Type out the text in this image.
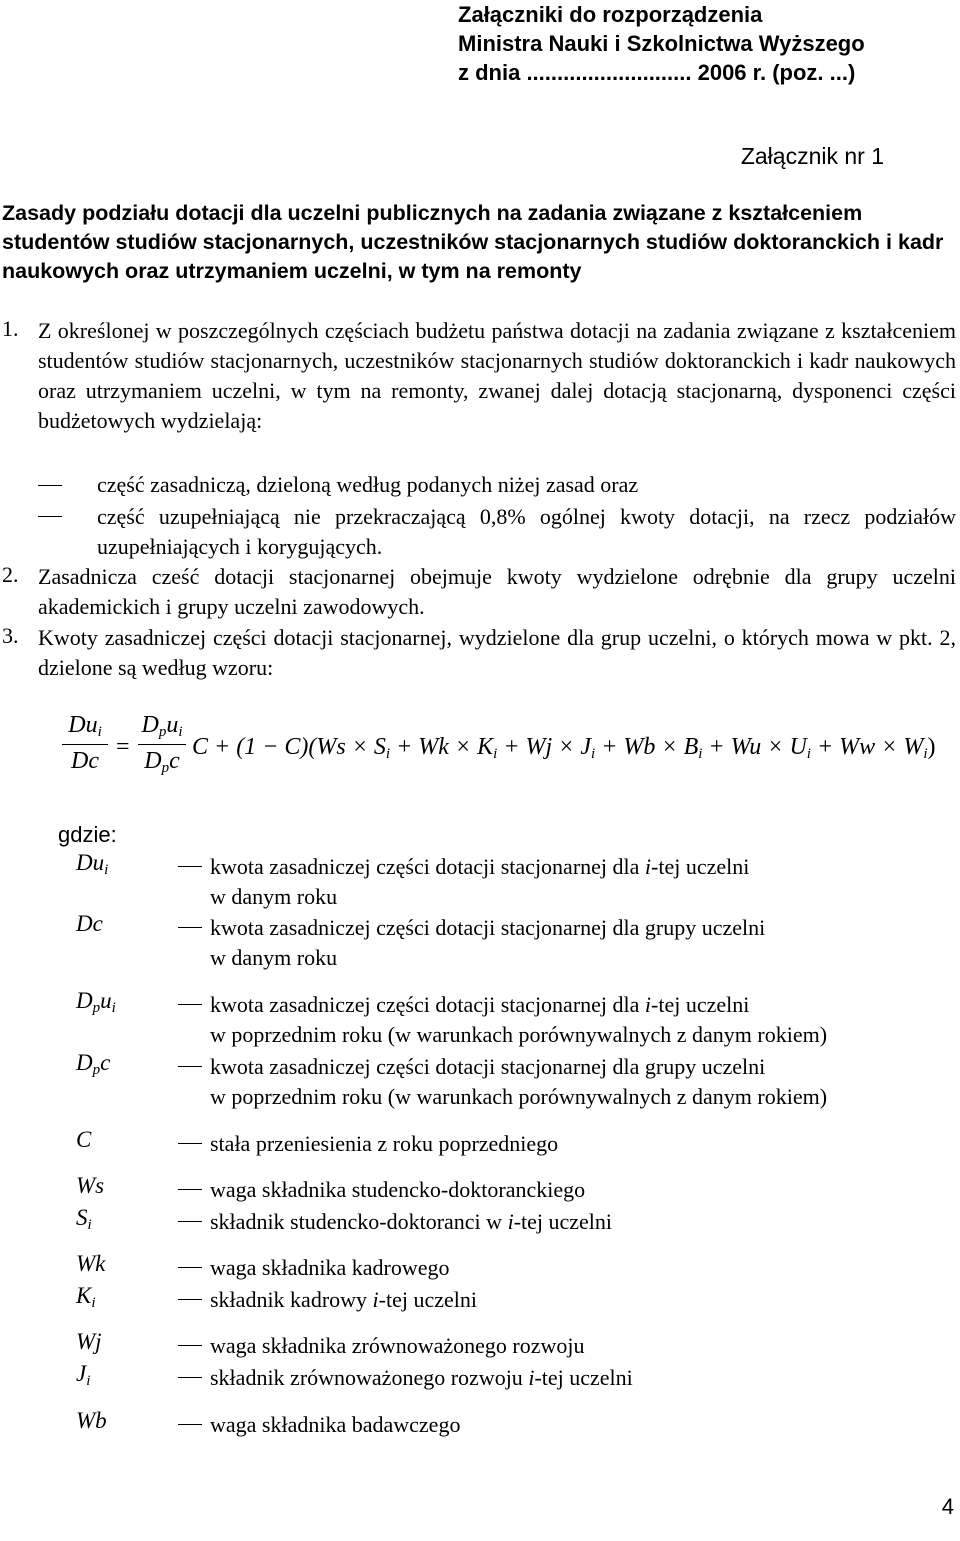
Załączniki do rozporządzenia
Ministra Nauki i Szkolnictwa Wyższego
z dnia ........................... 2006 r. (poz. ...)
Załącznik nr 1
Zasady podziału dotacji dla uczelni publicznych na zadania związane z kształceniem studentów studiów stacjonarnych, uczestników stacjonarnych studiów doktoranckich i kadr naukowych oraz utrzymaniem uczelni, w tym na remonty
1. Z określonej w poszczególnych częściach budżetu państwa dotacji na zadania związane z kształceniem studentów studiów stacjonarnych, uczestników stacjonarnych studiów doktoranckich i kadr naukowych oraz utrzymaniem uczelni, w tym na remonty, zwanej dalej dotacją stacjonarną, dysponenci części budżetowych wydzielają:
część zasadniczą, dzieloną według podanych niżej zasad oraz
część uzupełniającą nie przekraczającą 0,8% ogólnej kwoty dotacji, na rzecz podziałów uzupełniających i korygujących.
2. Zasadnicza cześć dotacji stacjonarnej obejmuje kwoty wydzielone odrębnie dla grupy uczelni akademickich i grupy uczelni zawodowych.
3. Kwoty zasadniczej części dotacji stacjonarnej, wydzielone dla grup uczelni, o których mowa w pkt. 2, dzielone są według wzoru:
$Du_i$
Dc
=
$D_pu_i$
$D_pc$
$C + (1 - C)(Ws \times S_i + Wk \times K_i + Wj \times J_i + Wb \times B_i + Wu \times U_i + Ww \times W_i)$
gdzie:
$Du_i$	kwota zasadniczej części dotacji stacjonarnej dla i-tej uczelni
w danym roku
Dc	kwota zasadniczej części dotacji stacjonarnej dla grupy uczelni
w danym roku
$D_pu_i$	kwota zasadniczej części dotacji stacjonarnej dla i-tej uczelni
w poprzednim roku (w warunkach porównywalnych z danym rokiem)
$D_pc$	kwota zasadniczej części dotacji stacjonarnej dla grupy uczelni
w poprzednim roku (w warunkach porównywalnych z danym rokiem)
C	stała przeniesienia z roku poprzedniego
Ws	waga składnika studencko-doktoranckiego
$S_i$	składnik studencko-doktoranci w i-tej uczelni
Wk	waga składnika kadrowego
$K_i$	składnik kadrowy i-tej uczelni
Wj	waga składnika zrównoważonego rozwoju
$J_i$	składnik zrównoważonego rozwoju i-tej uczelni
Wb	waga składnika badawczego
4
